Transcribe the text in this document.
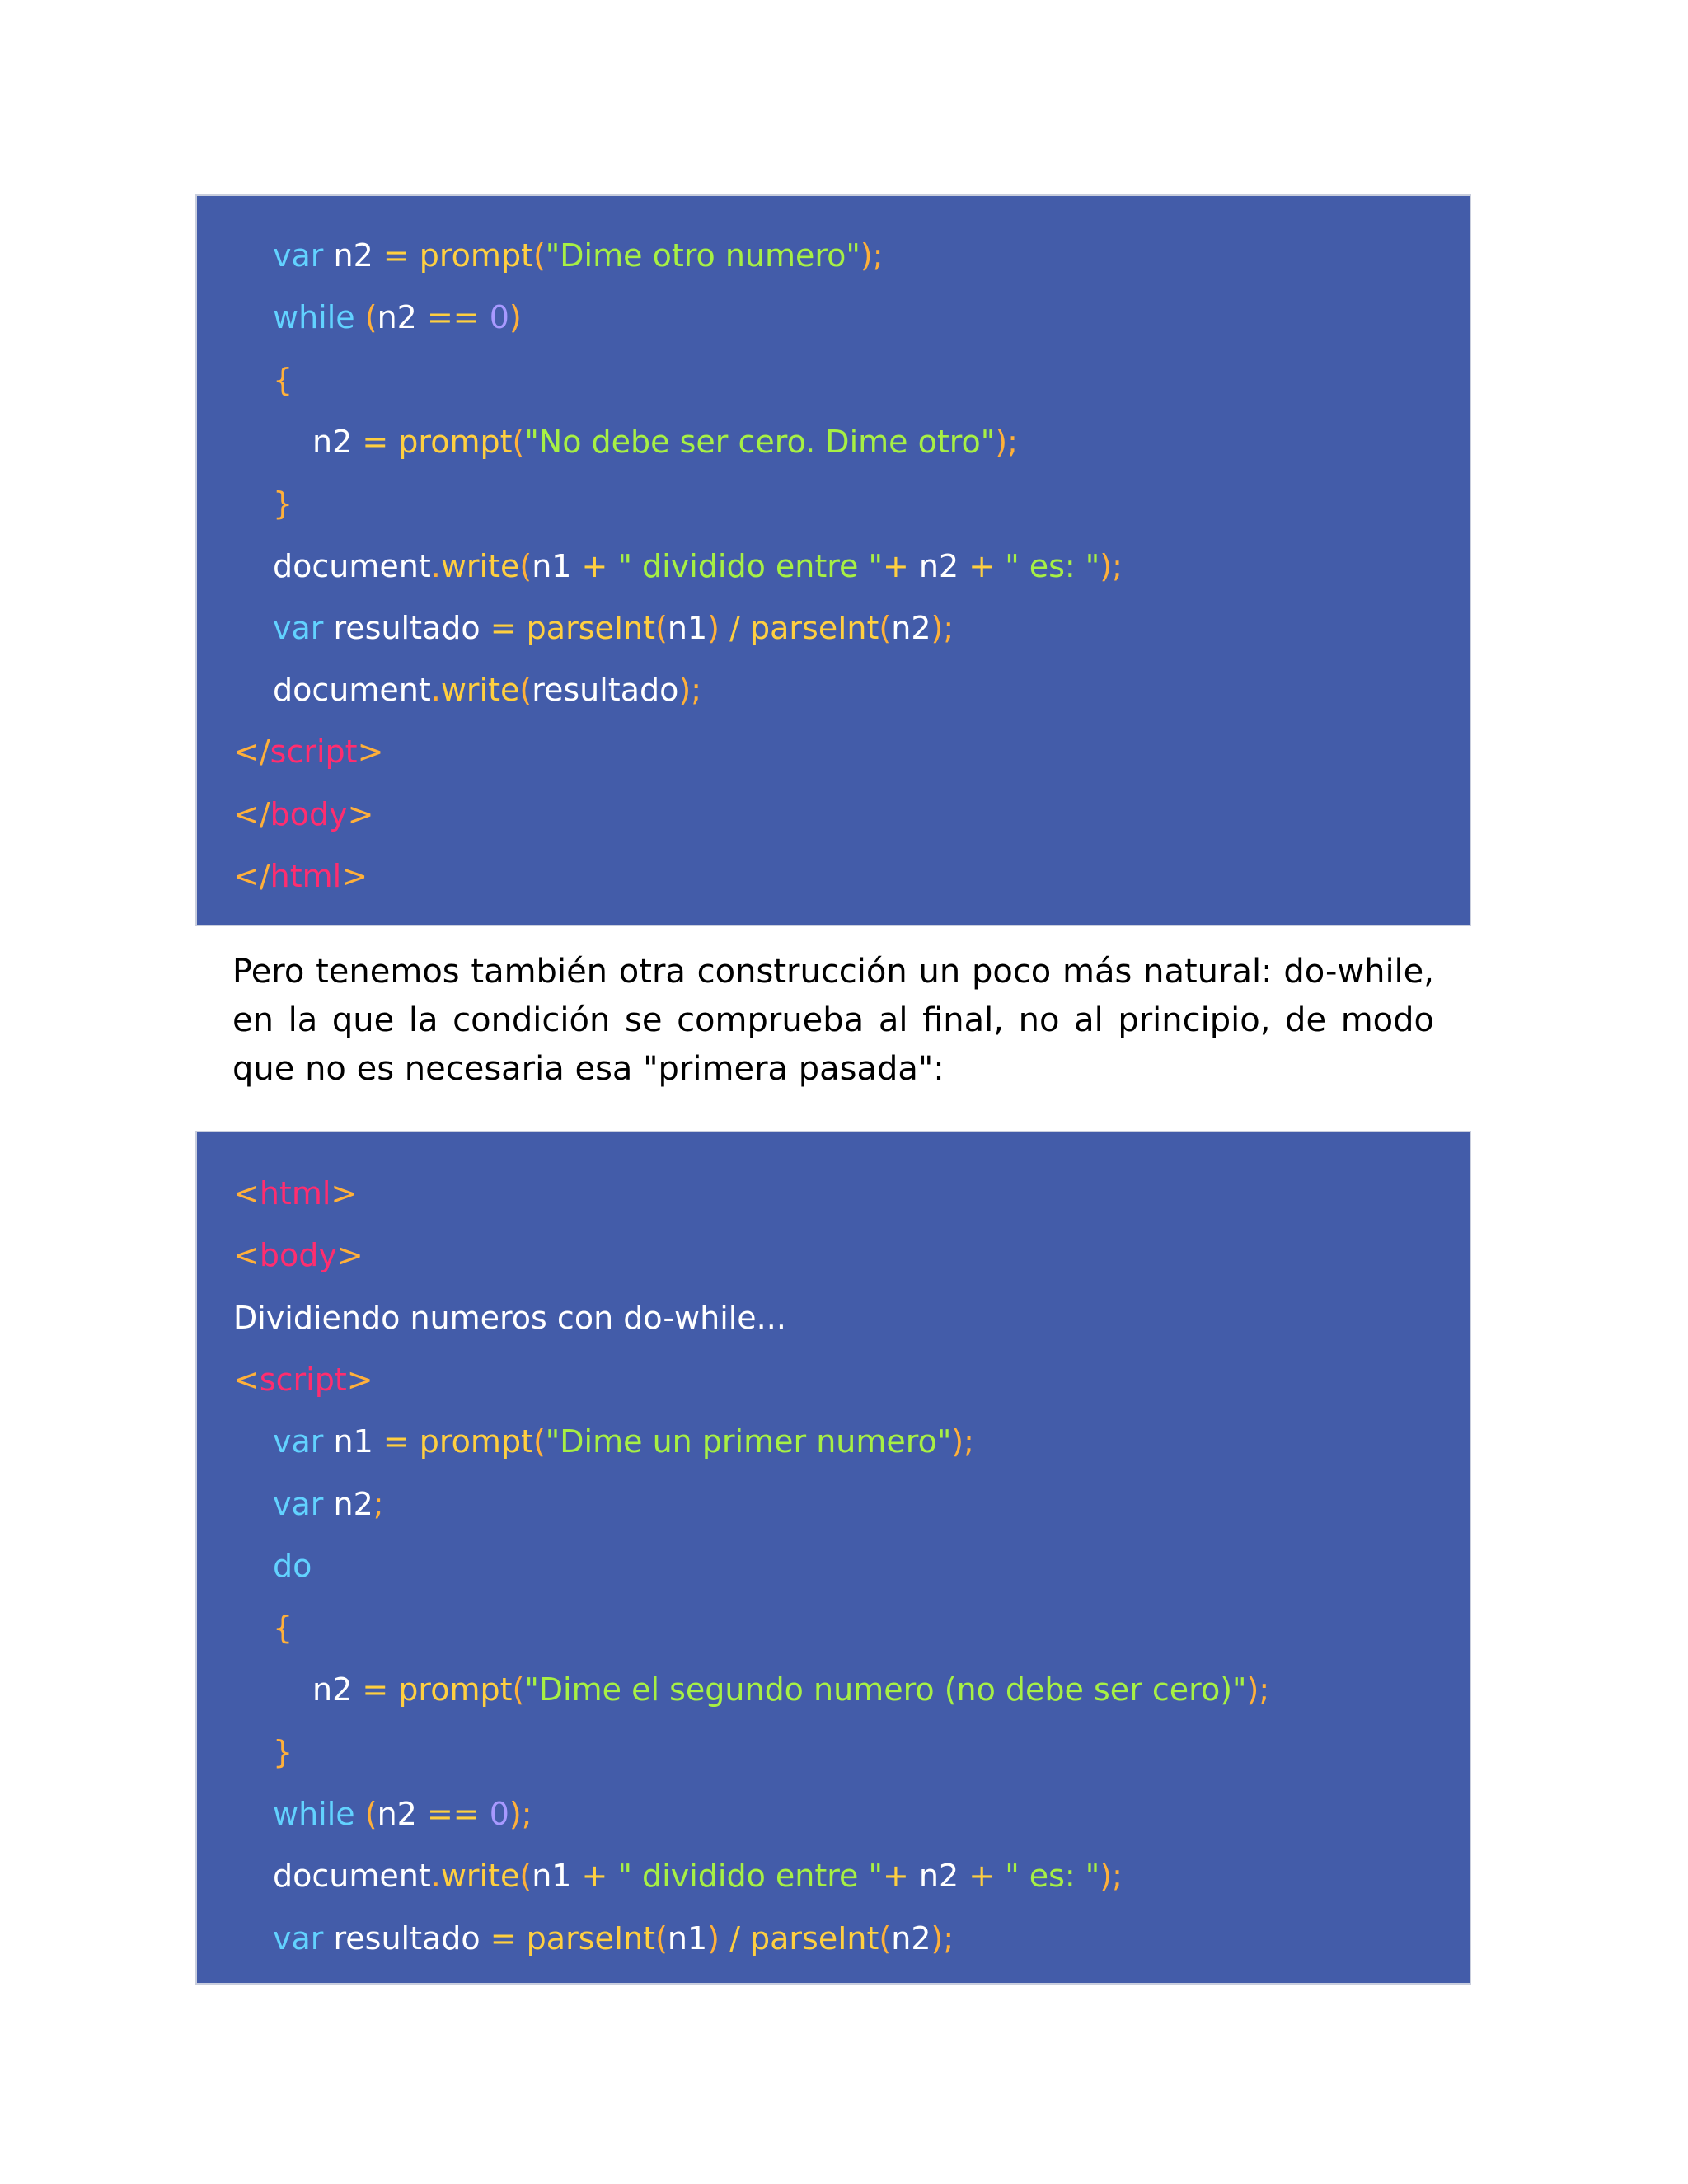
var n2 = prompt("Dime otro numero");
while (n2 == 0)
{
n2 = prompt("No debe ser cero. Dime otro");
}
document.write(n1 + " dividido entre "+ n2 + " es: ");
var resultado = parseInt(n1) / parseInt(n2);
document.write(resultado);
</script>
</body>
</html>

Pero tenemos también otra construcción un poco más natural: do-while, en la que la condición se comprueba al final, no al principio, de modo que no es necesaria esa "primera pasada":

<html>
<body>
Dividiendo numeros con do-while...
<script>
var n1 = prompt("Dime un primer numero");
var n2;
do
{
n2 = prompt("Dime el segundo numero (no debe ser cero)");
}
while (n2 == 0);
document.write(n1 + " dividido entre "+ n2 + " es: ");
var resultado = parseInt(n1) / parseInt(n2);
